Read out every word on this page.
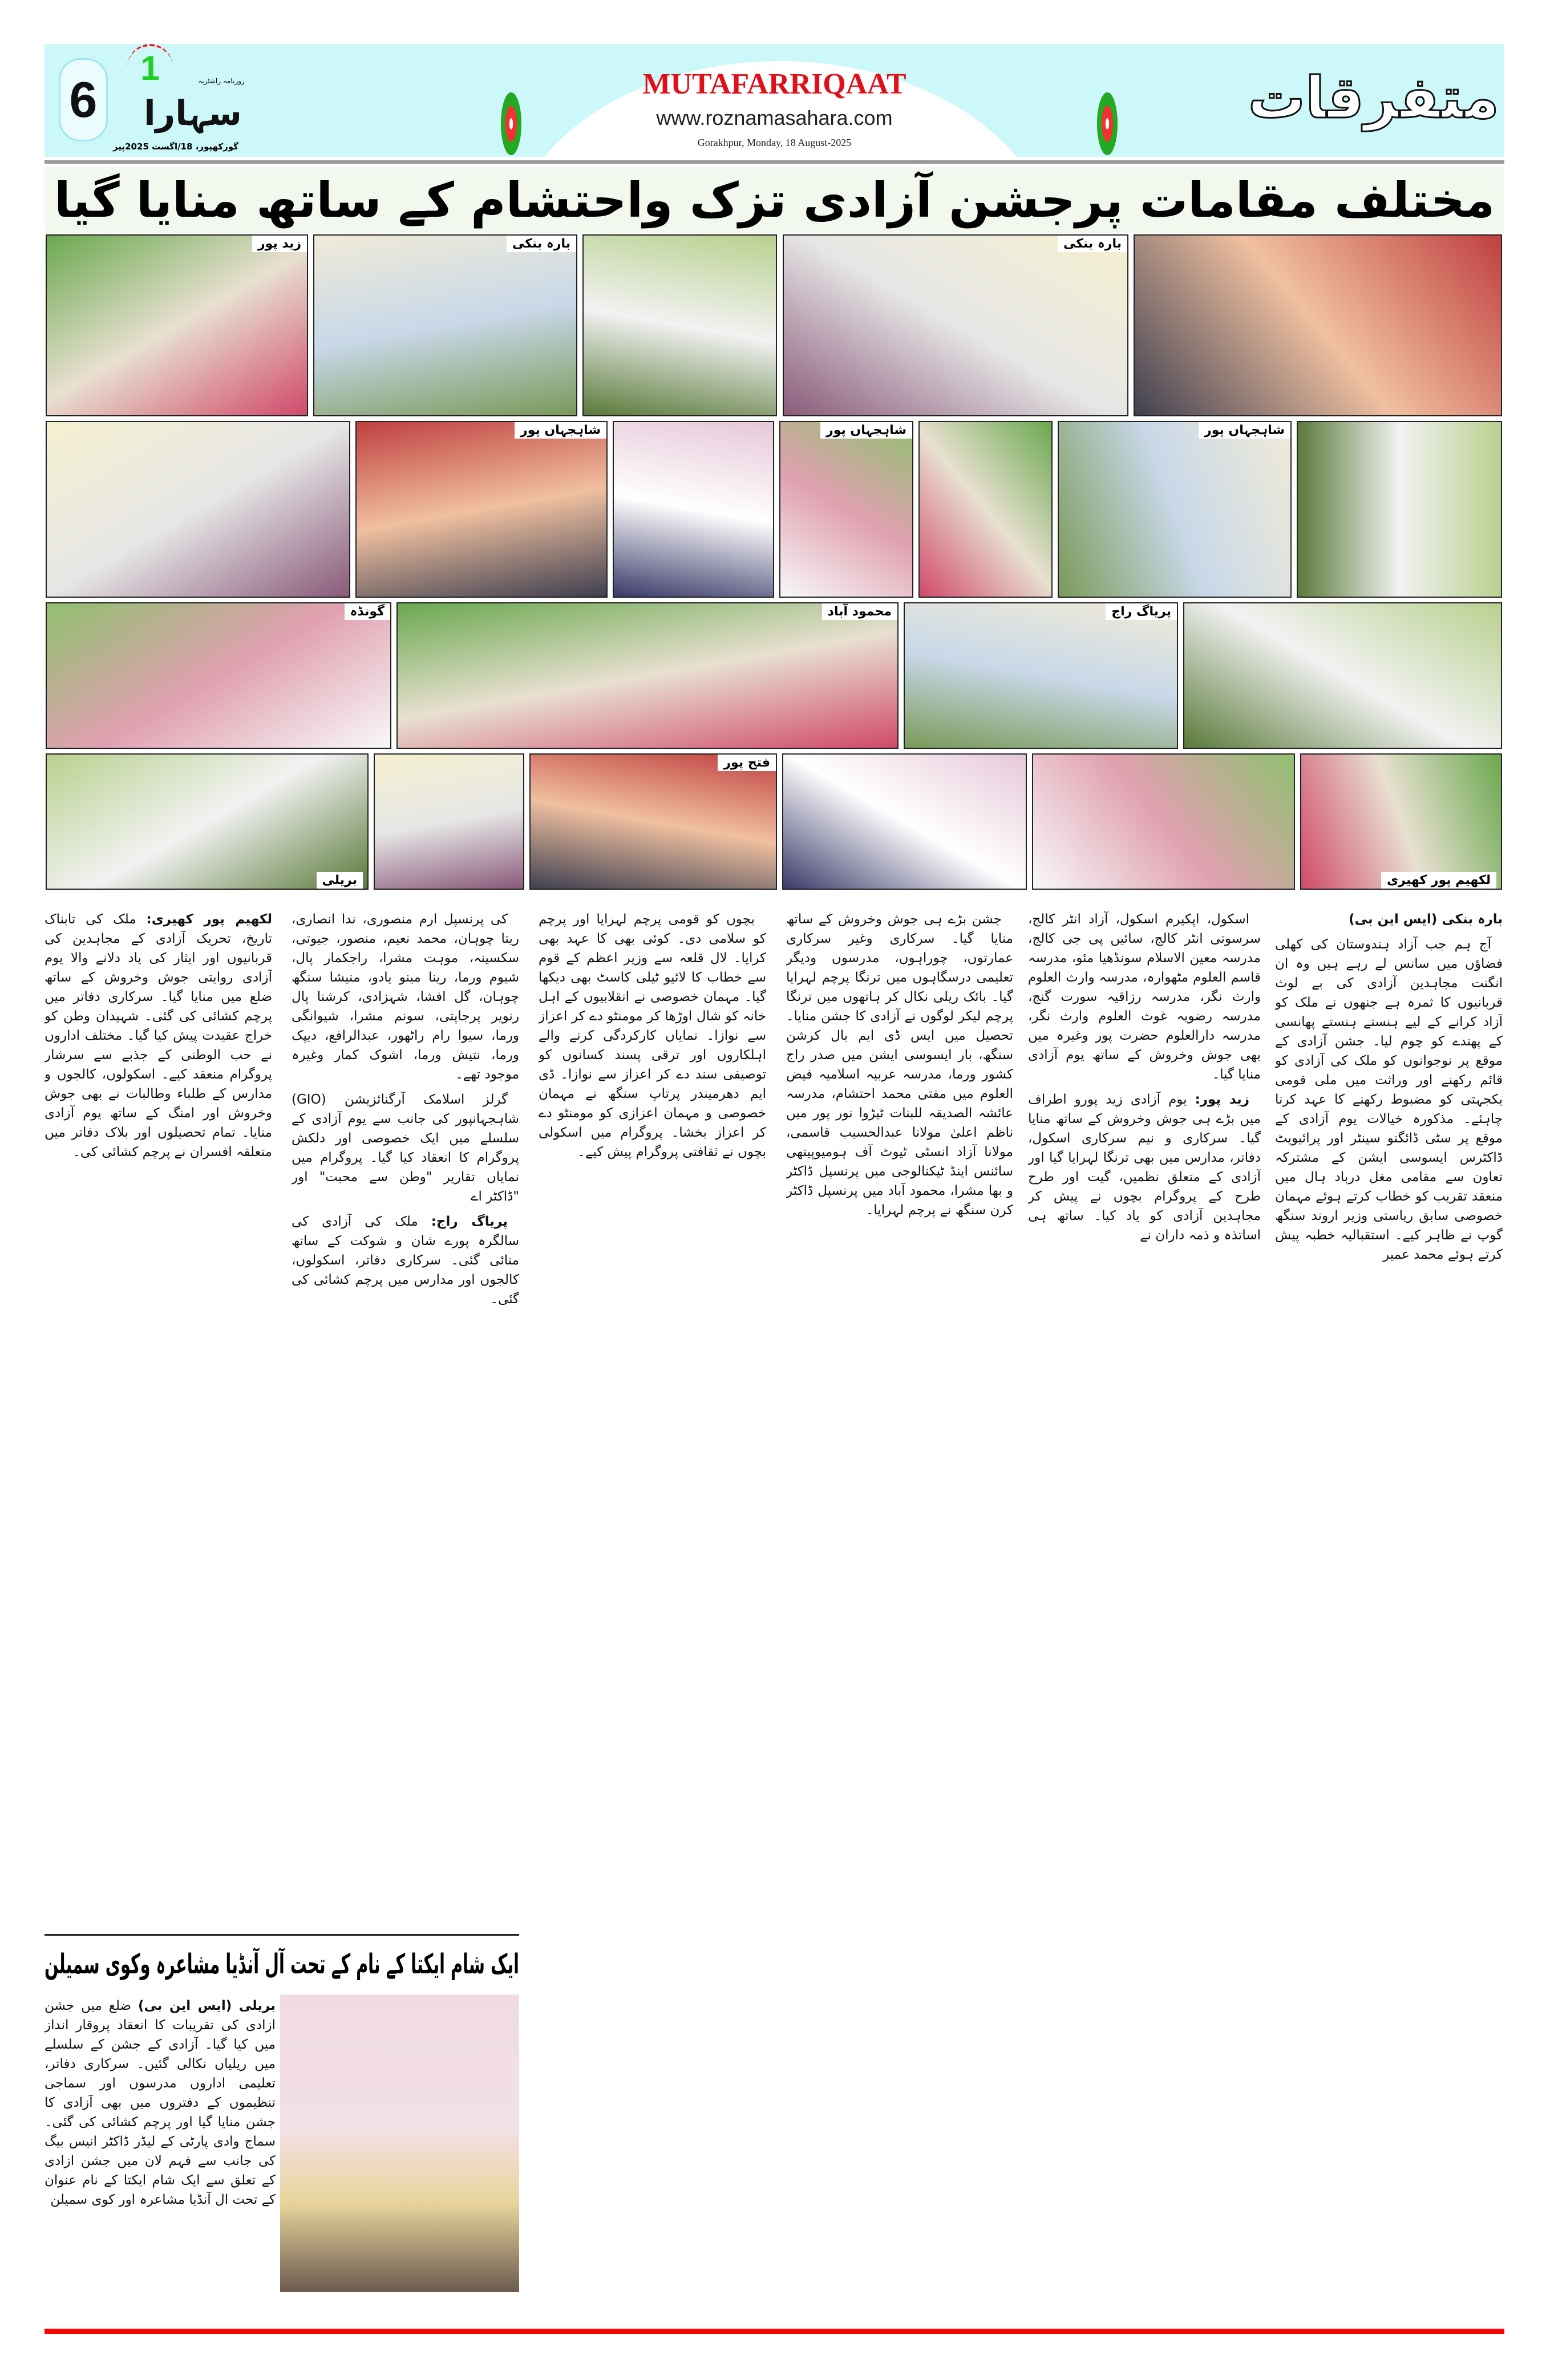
6
1	روزنامہ راشٹریہ
سہارا
گورکھپور، 18/اگست 2025پیر
MUTAFARRIQAAT
www.roznamasahara.com
Gorakhpur, Monday, 18 August-2025
متفرقات
مختلف مقامات پرجشن آزادی تزک واحتشام کے ساتھ منایا گیا
زید پور	بارہ بنکی	بارہ بنکی
شاہجہاں پور	شاہجہاں پور	شاہجہاں پور
گونڈہ	محمود آباد	پریاگ راج
بریلی
فتح پور
لکھیم پور کھیری

بارہ بنکی (ایس این بی)

آج ہم جب آزاد ہندوستان کی کھلی فضاؤں میں سانس لے رہے ہیں وہ ان انگنت مجاہدین آزادی کی بے لوث قربانیوں کا ثمرہ ہے جنھوں نے ملک کو آزاد کرانے کے لیے ہنستے ہنستے پھانسی کے پھندے کو چوم لیا۔ جشن آزادی کے موقع پر نوجوانوں کو ملک کی آزادی کو قائم رکھنے اور وراثت میں ملی قومی یکجہتی کو مضبوط رکھنے کا عہد کرنا چاہئے۔ مذکورہ خیالات یوم آزادی کے موقع پر سٹی ڈائگنو سینٹر اور پرائیویٹ ڈاکٹرس ایسوسی ایشن کے مشترکہ تعاون سے مقامی مغل درباد ہال میں منعقد تقریب کو خطاب کرتے ہوئے مہمان خصوصی سابق ریاستی وزیر اروند سنگھ گوپ نے ظاہر کیے۔ استقبالیہ خطبہ پیش کرتے ہوئے محمد عمیر

اسکول، اپکیرم اسکول، آزاد انٹر کالج، سرسوتی انٹر کالج، سائیں پی جی کالج، مدرسہ معین الاسلام سونڈھیا مئو، مدرسہ قاسم العلوم مٹھوارہ، مدرسہ وارث العلوم وارث نگر، مدرسہ رزاقیہ سورت گنج، مدرسہ رضویہ غوث العلوم وارث نگر، مدرسہ دارالعلوم حضرت پور وغیرہ میں بھی جوش وخروش کے ساتھ یوم آزادی منایا گیا۔

زید پور: یوم آزادی زید پورو اطراف میں بڑے ہی جوش وخروش کے ساتھ منایا گیا۔ سرکاری و نیم سرکاری اسکول، دفاتر، مدارس میں بھی ترنگا لہرایا گیا اور آزادی کے متعلق نظمیں، گیت اور طرح طرح کے پروگرام بچوں نے پیش کر مجاہدین آزادی کو یاد کیا۔ ساتھ ہی اساتذہ و ذمہ داران نے

جشن بڑے ہی جوش وخروش کے ساتھ منایا گیا۔ سرکاری وغیر سرکاری عمارتوں، چوراہوں، مدرسوں ودیگر تعلیمی درسگاہوں میں ترنگا پرچم لہرایا گیا۔ بائک ریلی نکال کر ہاتھوں میں ترنگا پرچم لیکر لوگوں نے آزادی کا جشن منایا۔ تحصیل میں ایس ڈی ایم بال کرشن سنگھ، بار ایسوسی ایشن میں صدر راج کشور ورما، مدرسہ عربیہ اسلامیہ فیض العلوم میں مفتی محمد احتشام، مدرسہ عائشہ الصدیقہ للبنات ٹیڑوا نور پور میں ناظم اعلیٰ مولانا عبدالحسیب قاسمی، مولانا آزاد انسٹی ٹیوٹ آف ہومیوپیتھی سائنس اینڈ ٹیکنالوجی میں پرنسپل ڈاکٹر و بھا مشرا، محمود آباد میں پرنسپل ڈاکٹر کرن سنگھ نے پرچم لہرایا۔

بچوں کو قومی پرچم لہرایا اور پرچم کو سلامی دی۔ کوئی بھی کا عہد بھی کرایا۔ لال قلعہ سے وزیر اعظم کے قوم سے خطاب کا لائیو ٹیلی کاسٹ بھی دیکھا گیا۔ مہمان خصوصی نے انقلابیوں کے اہل خانہ کو شال اوڑھا کر مومنٹو دے کر اعزاز سے نوازا۔ نمایاں کارکردگی کرنے والے اہلکاروں اور ترقی پسند کسانوں کو توصیفی سند دے کر اعزاز سے نوازا۔ ڈی ایم دھرمیندر پرتاپ سنگھ نے مہمان خصوصی و مہمان اعزازی کو مومنٹو دے کر اعزاز بخشا۔ پروگرام میں اسکولی بچوں نے ثقافتی پروگرام پیش کیے۔

کی پرنسپل ارم منصوری، ندا انصاری، ریتا چوہان، محمد نعیم، منصور، جیوتی، سکسینہ، موہت مشرا، راجکمار پال، شیوم ورما، رینا مینو یادو، منیشا سنگھ چوہان، گل افشا، شہزادی، کرشنا پال رنویر پرجاپتی، سونم مشرا، شیوانگی ورما، سیوا رام راٹھور، عبدالرافع، دیپک ورما، نتیش ورما، اشوک کمار وغیرہ موجود تھے۔

گرلز اسلامک آرگنائزیشن (GIO) شاہجہانپور کی جانب سے یوم آزادی کے سلسلے میں ایک خصوصی اور دلکش پروگرام کا انعقاد کیا گیا۔ پروگرام میں نمایاں تقاریر "وطن سے محبت" اور "ڈاکٹر اے

پریاگ راج: ملک کی آزادی کی سالگرہ پورے شان و شوکت کے ساتھ منائی گئی۔ سرکاری دفاتر، اسکولوں، کالجوں اور مدارس میں پرچم کشائی کی گئی۔

لکھیم پور کھیری: ملک کی تابناک تاریخ، تحریک آزادی کے مجاہدین کی قربانیوں اور ایثار کی یاد دلانے والا یوم آزادی روایتی جوش وخروش کے ساتھ ضلع میں منایا گیا۔ سرکاری دفاتر میں پرچم کشائی کی گئی۔ شہیدان وطن کو خراج عقیدت پیش کیا گیا۔ مختلف اداروں نے حب الوطنی کے جذبے سے سرشار پروگرام منعقد کیے۔ اسکولوں، کالجوں و مدارس کے طلباء وطالبات نے بھی جوش وخروش اور امنگ کے ساتھ یوم آزادی منایا۔ تمام تحصیلوں اور بلاک دفاتر میں متعلقہ افسران نے پرچم کشائی کی۔

ایک شام ایکتا کے نام کے تحت آل آنڈیا مشاعرہ وکوی سمیلن

بریلی (ایس این بی) ضلع میں جشن ازادی کی تقریبات کا انعقاد پروقار انداز میں کیا گیا۔ آزادی کے جشن کے سلسلے میں ریلیاں نکالی گئیں۔ سرکاری دفاتر، تعلیمی اداروں مدرسوں اور سماجی تنظیموں کے دفتروں میں بھی آزادی کا جشن منایا گیا اور پرچم کشائی کی گئی۔ سماج وادی پارٹی کے لیڈر ڈاکٹر انیس بیگ کی جانب سے فہم لان میں جشن ازادی کے تعلق سے ایک شام ایکتا کے نام عنوان کے تحت ال آنڈیا مشاعرہ اور کوی سمیلن
